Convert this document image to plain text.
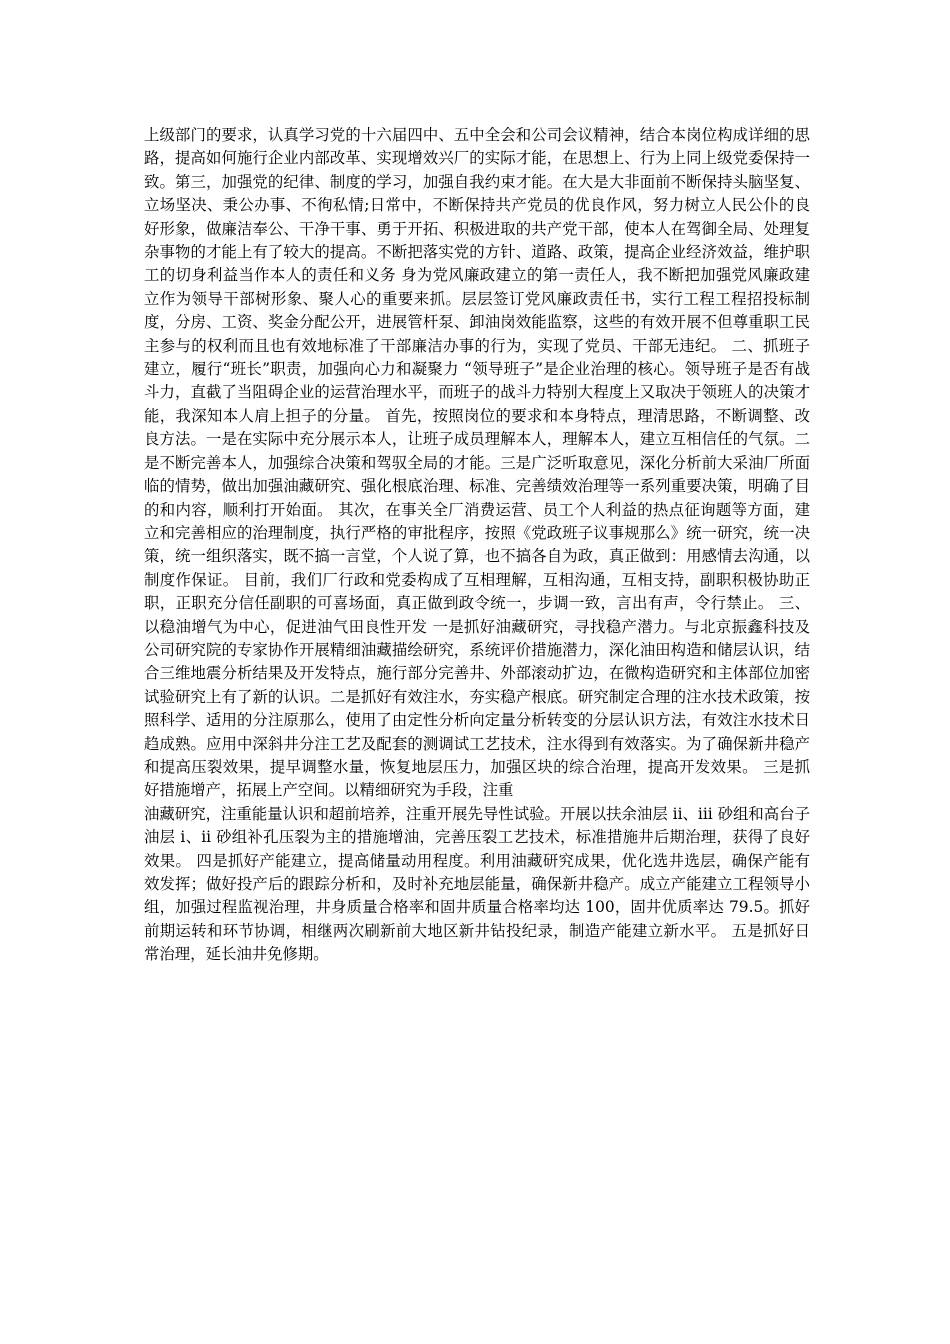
上级部门的要求，认真学习党的十六届四中、五中全会和公司会议精神，结合本岗位构成详细的思路，提高如何施行企业内部改革、实现增效兴厂的实际才能，在思想上、行为上同上级党委保持一致。第三，加强党的纪律、制度的学习，加强自我约束才能。在大是大非面前不断保持头脑坚复、立场坚决、秉公办事、不徇私情;日常中，不断保持共产党员的优良作风，努力树立人民公仆的良好形象，做廉洁奉公、干净干事、勇于开拓、积极进取的共产党干部，使本人在驾御全局、处理复杂事物的才能上有了较大的提高。不断把落实党的方针、道路、政策，提高企业经济效益，维护职工的切身利益当作本人的责任和义务 身为党风廉政建立的第一责任人，我不断把加强党风廉政建立作为领导干部树形象、聚人心的重要来抓。层层签订党风廉政责任书，实行工程工程招投标制度，分房、工资、奖金分配公开，进展管杆泵、卸油岗效能监察，这些的有效开展不但尊重职工民主参与的权利而且也有效地标准了干部廉洁办事的行为，实现了党员、干部无违纪。 二、抓班子建立，履行“班长”职责，加强向心力和凝聚力 “领导班子”是企业治理的核心。领导班子是否有战斗力，直截了当阻碍企业的运营治理水平，而班子的战斗力特别大程度上又取决于领班人的决策才能，我深知本人肩上担子的分量。 首先，按照岗位的要求和本身特点，理清思路，不断调整、改良方法。一是在实际中充分展示本人，让班子成员理解本人，理解本人，建立互相信任的气氛。二是不断完善本人，加强综合决策和驾驭全局的才能。三是广泛听取意见，深化分析前大采油厂所面临的情势，做出加强油藏研究、强化根底治理、标准、完善绩效治理等一系列重要决策，明确了目的和内容，顺利打开始面。 其次，在事关全厂消费运营、员工个人利益的热点征询题等方面，建立和完善相应的治理制度，执行严格的审批程序，按照《党政班子议事规那么》统一研究，统一决策，统一组织落实，既不搞一言堂，个人说了算，也不搞各自为政，真正做到：用感情去沟通，以制度作保证。 目前，我们厂行政和党委构成了互相理解，互相沟通，互相支持，副职积极协助正职，正职充分信任副职的可喜场面，真正做到政令统一，步调一致，言出有声，令行禁止。 三、以稳油增气为中心，促进油气田良性开发 一是抓好油藏研究，寻找稳产潜力。与北京振鑫科技及公司研究院的专家协作开展精细油藏描绘研究，系统评价措施潜力，深化油田构造和储层认识，结合三维地震分析结果及开发特点，施行部分完善井、外部滚动扩边，在微构造研究和主体部位加密试验研究上有了新的认识。二是抓好有效注水，夯实稳产根底。研究制定合理的注水技术政策，按照科学、适用的分注原那么，使用了由定性分析向定量分析转变的分层认识方法，有效注水技术日趋成熟。应用中深斜井分注工艺及配套的测调试工艺技术，注水得到有效落实。为了确保新井稳产和提高压裂效果，提早调整水量，恢复地层压力，加强区块的综合治理，提高开发效果。 三是抓好措施增产，拓展上产空间。以精细研究为手段，注重

油藏研究，注重能量认识和超前培养，注重开展先导性试验。开展以扶余油层 ii、iii 砂组和高台子油层 i、ii 砂组补孔压裂为主的措施增油，完善压裂工艺技术，标准措施井后期治理，获得了良好效果。 四是抓好产能建立，提高储量动用程度。利用油藏研究成果，优化选井选层，确保产能有效发挥；做好投产后的跟踪分析和，及时补充地层能量，确保新井稳产。成立产能建立工程领导小组，加强过程监视治理，井身质量合格率和固井质量合格率均达 100，固井优质率达 79.5。抓好前期运转和环节协调，相继两次刷新前大地区新井钻投纪录，制造产能建立新水平。 五是抓好日常治理，延长油井免修期。
